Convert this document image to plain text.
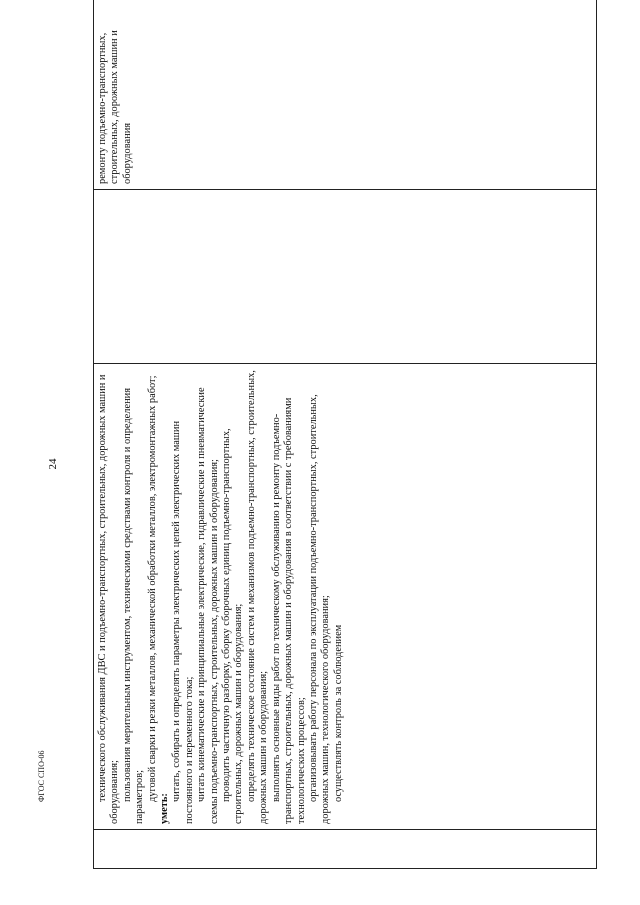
24
		технического обслуживания ДВС и подъемно-транспортных, строительных, дорожных машин и оборудования; пользования мерительным инструментом, техническими средствами контроля и определения параметров; дуговой сварки и резки металлов, механической обработки металлов, электромонтажных работ;

уметь:

читать, собирать и определять параметры электрических цепей электрических машин постоянного и переменного тока; читать кинематические и принципиальные электрические, гидравлические и пневматические схемы подъемно-транспортных, строительных, дорожных машин и оборудования; проводить частичную разборку, сборку сборочных единиц подъемно-транспортных, строительных, дорожных машин и оборудования; определять техническое состояние систем и механизмов подъемно-транспортных, строительных, дорожных машин и оборудования; выполнять основные виды работ по техническому обслуживанию и ремонту подъемно-транспортных, строительных, дорожных машин и оборудования в соответствии с требованиями технологических процессов; организовывать работу персонала по эксплуатации подъемно-транспортных, строительных, дорожных машин, технологического оборудования; осуществлять контроль за соблюдением

ремонту подъемно-транспортных, строительных, дорожных машин и оборудования

ФГОС СПО-06
